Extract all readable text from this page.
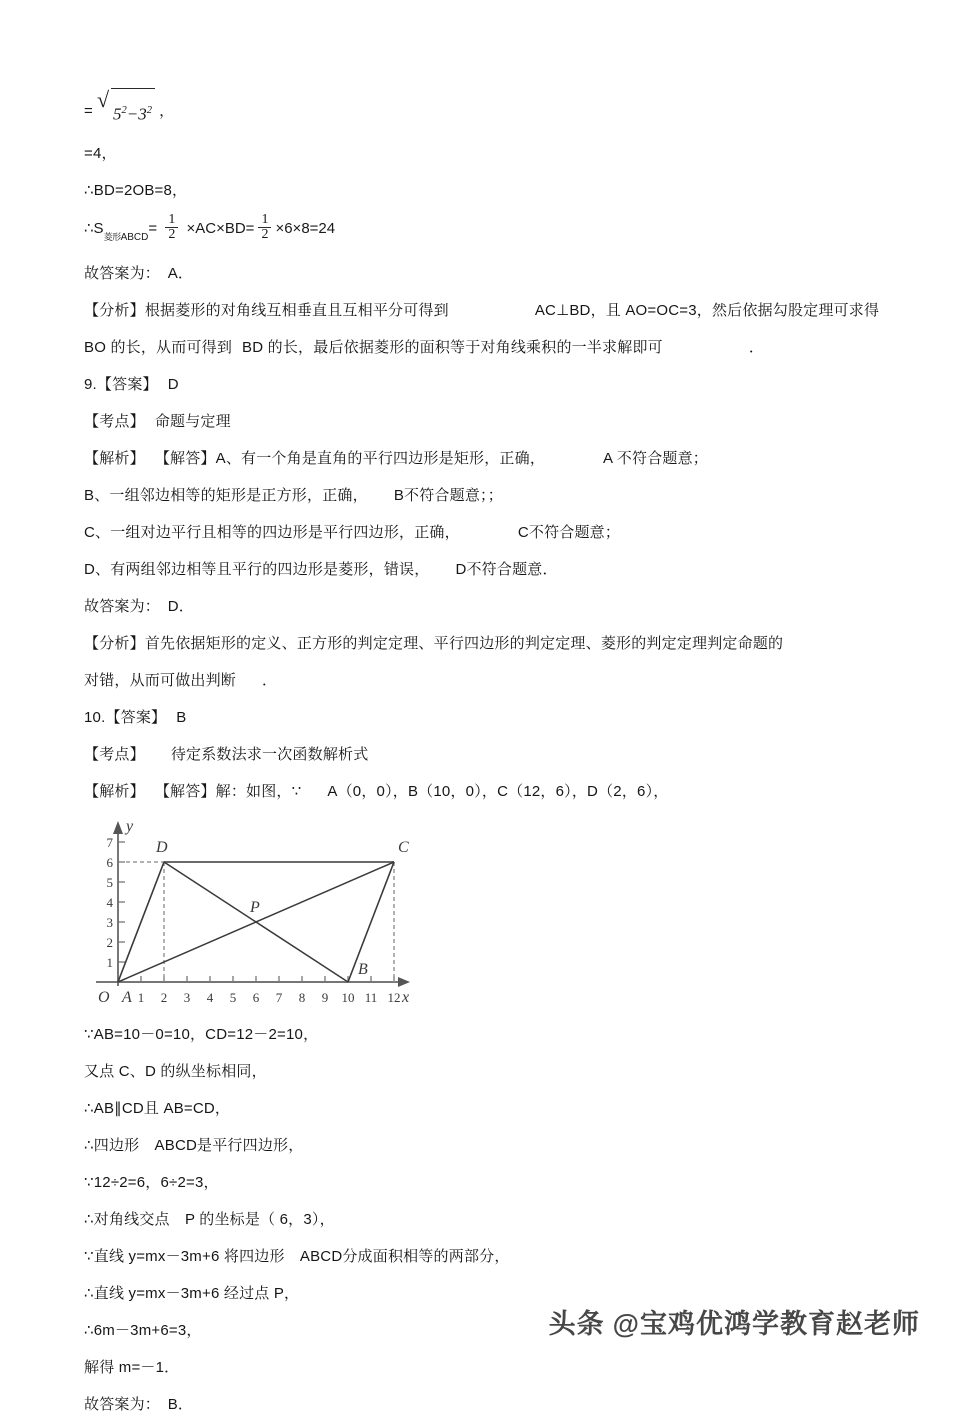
= √
$5^2-3^2$ ，
=4，
∴BD=2OB=8，
$\therefore S_{菱形ABCD}= \frac{1}{2} \times AC\times BD= \frac{1}{2} \times 6\times 8=24$
故答案为：　A．
【分析】根据菱形的对角线互相垂直且互相平分可得到	AC⊥BD，且 AO=OC=3，然后依据勾股定理可求得
BO 的长，从而可得到 BD 的长，最后依据菱形的面积等于对角线乘积的一半求解即可	．
9.【答案】 D
【考点】 命题与定理
【解析】 【解答】A、有一个角是直角的平行四边形是矩形，正确，	A 不符合题意；
B、一组邻边相等的矩形是正方形，正确， B不符合题意；；
C、一组对边平行且相等的四边形是平行四边形，正确，	C不符合题意；
D、有两组邻边相等且平行的四边形是菱形，错误， D不符合题意．
故答案为：　D．
【分析】首先依据矩形的定义、正方形的判定定理、平行四边形的判定定理、菱形的判定定理判定命题的
对错，从而可做出判断 ．
10.【答案】 B
【考点】 待定系数法求一次函数解析式
【解析】 【解答】解：如图，∵ A（0，0），B（10，0），C（12，6），D（2，6），
y
x
O 1 2 3 4 5 6 7 8 9 10 11 12
1
2
3
4
5
6
7
A
B
C
D
P
∵AB=10－0=10，CD=12－2=10，
又点 C、D 的纵坐标相同，
∴AB∥CD且 AB=CD，
∴四边形　ABCD是平行四边形，
∵12÷2=6，6÷2=3，
∴对角线交点　P 的坐标是（ 6，3），
∵直线 y=mx－3m+6 将四边形　ABCD分成面积相等的两部分，
∴直线 y=mx－3m+6 经过点 P，
∴6m－3m+6=3，
解得 m=－1．
故答案为：　B．
头条 @宝鸡优鸿学教育赵老师
